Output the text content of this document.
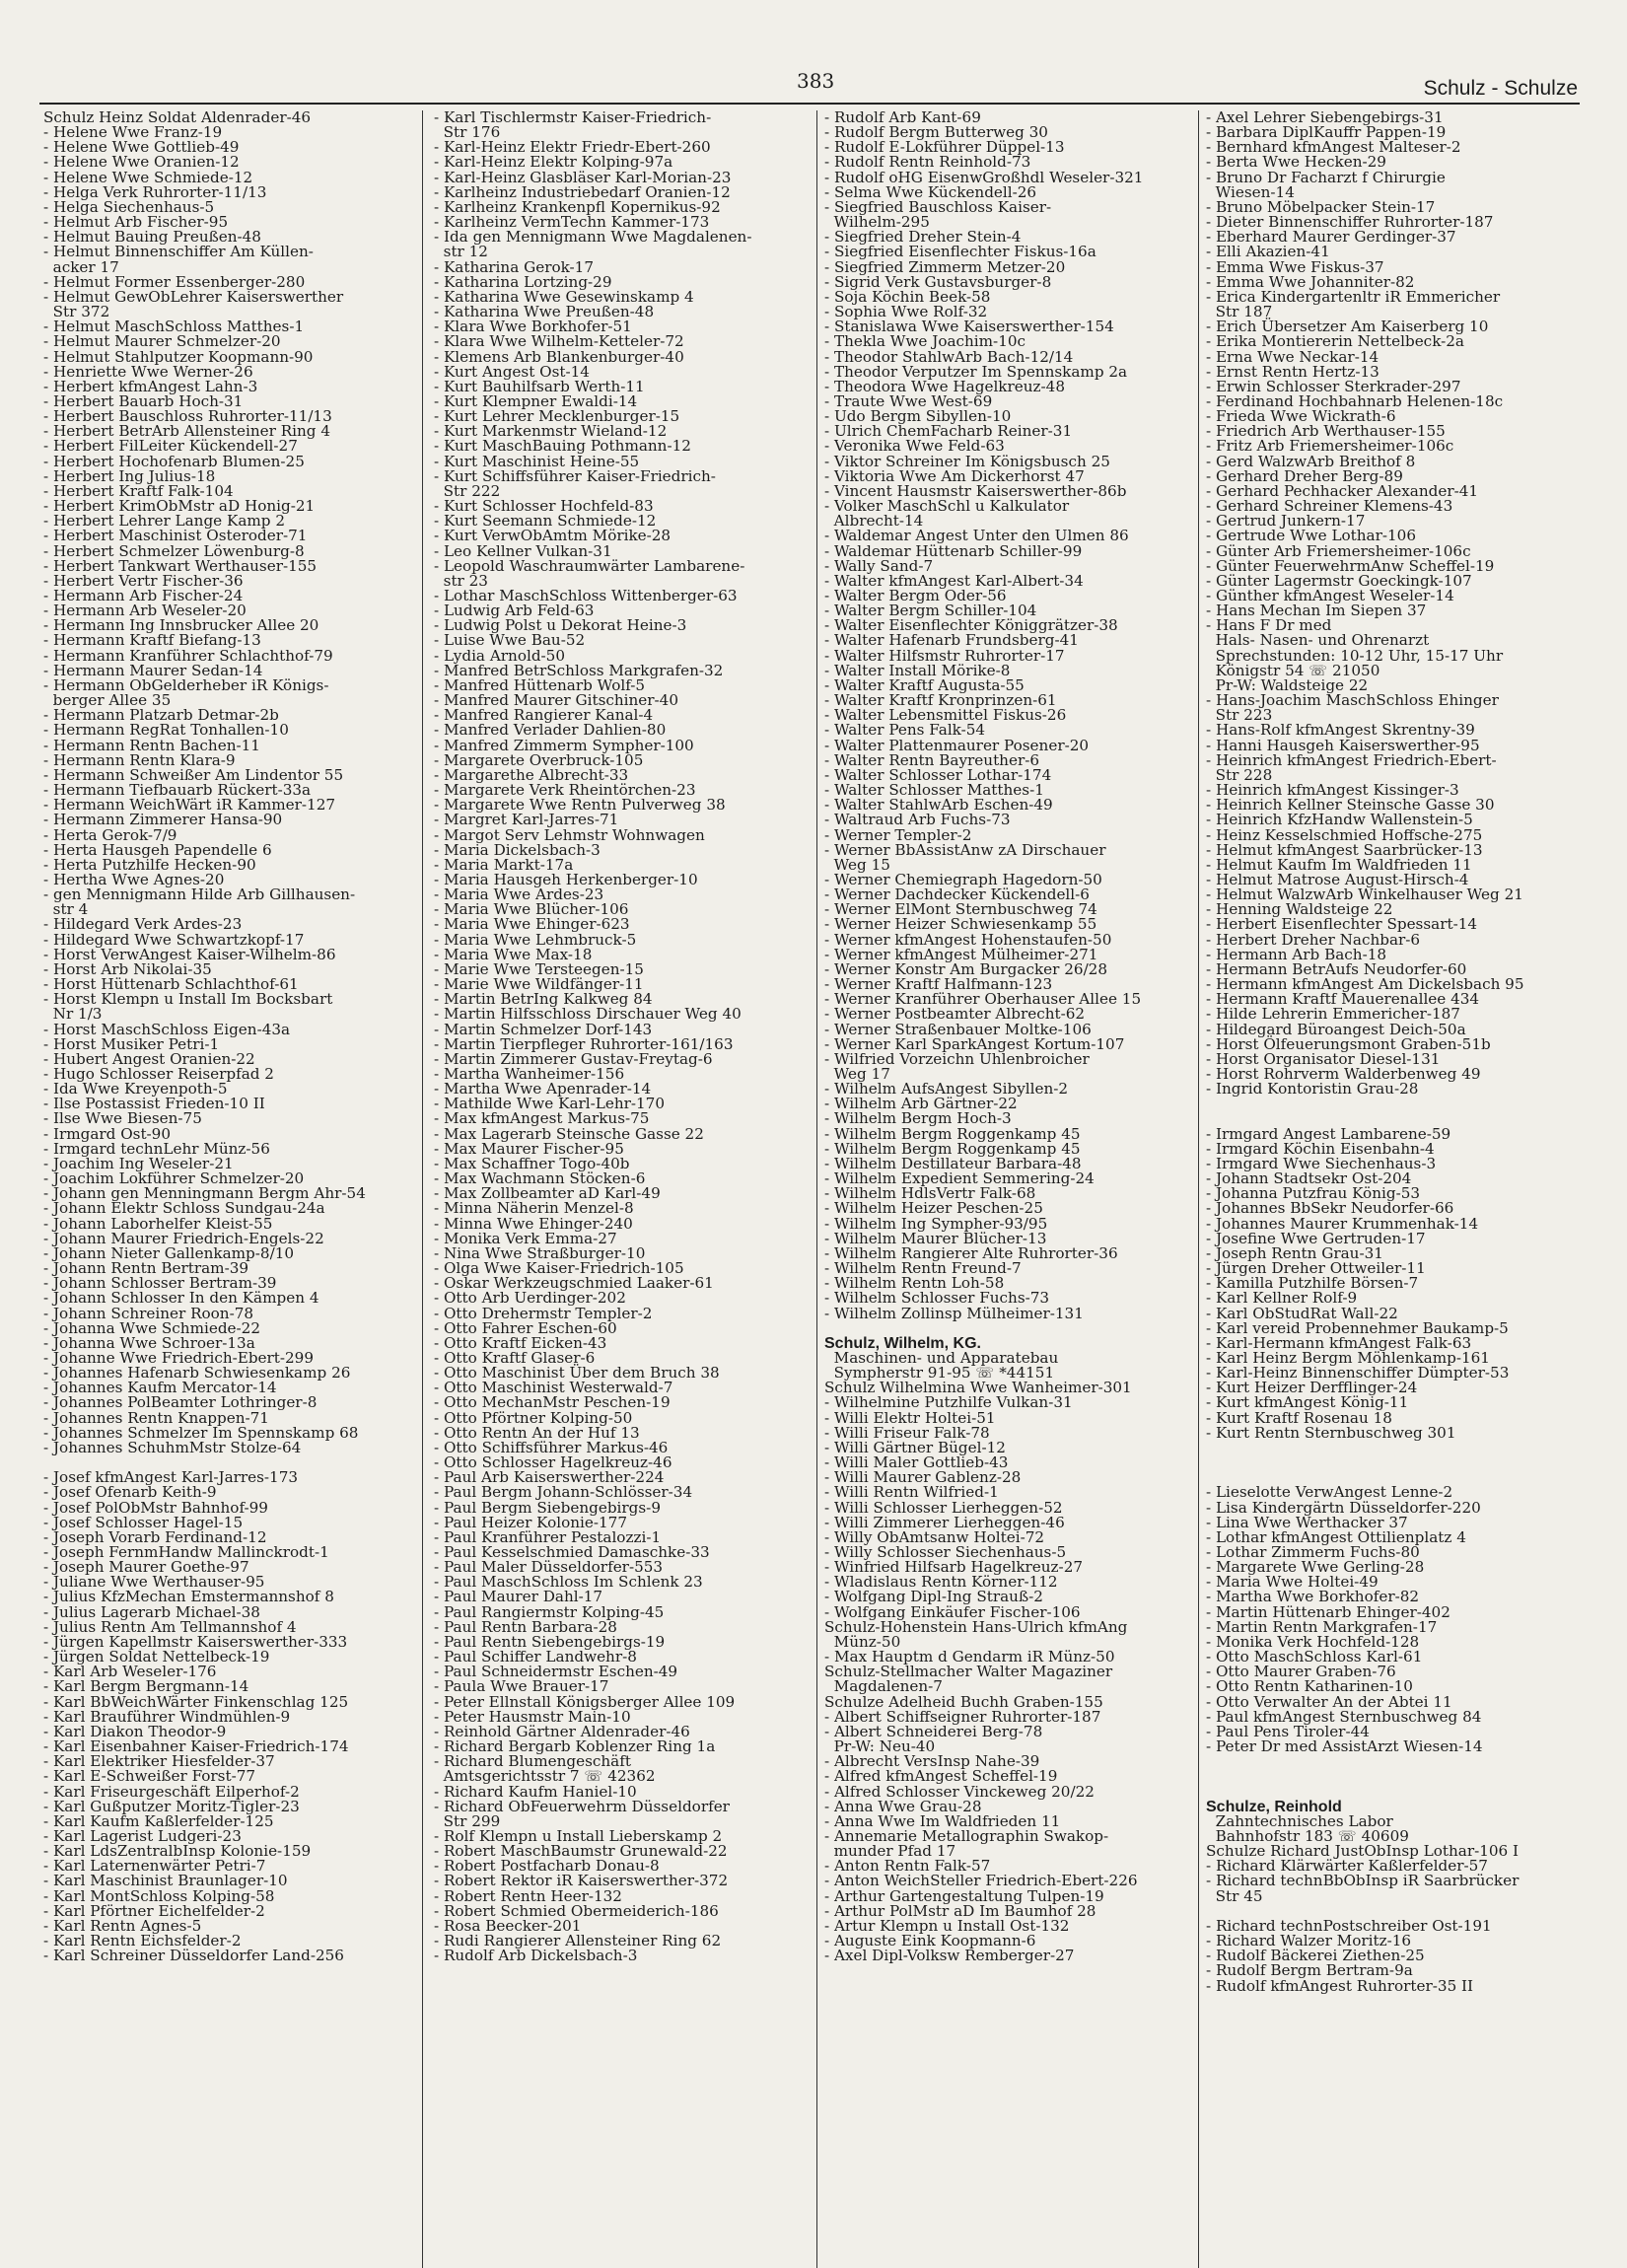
383	Schulz - Schulze
Schulz Heinz Soldat Aldenrader-46
- Helene Wwe Franz-19
- Helene Wwe Gottlieb-49
- Helene Wwe Oranien-12
- Helene Wwe Schmiede-12
- Helga Verk Ruhrorter-11/13
- Helga Siechenhaus-5
- Helmut Arb Fischer-95
- Helmut Bauing Preußen-48
- Helmut Binnenschiffer Am Küllen-
acker 17
- Helmut Former Essenberger-280
- Helmut GewObLehrer Kaiserswerther
Str 372
- Helmut MaschSchloss Matthes-1
- Helmut Maurer Schmelzer-20
- Helmut Stahlputzer Koopmann-90
- Henriette Wwe Werner-26
- Herbert kfmAngest Lahn-3
- Herbert Bauarb Hoch-31
- Herbert Bauschloss Ruhrorter-11/13
- Herbert BetrArb Allensteiner Ring 4
- Herbert FilLeiter Kückendell-27
- Herbert Hochofenarb Blumen-25
- Herbert Ing Julius-18
- Herbert Kraftf Falk-104
- Herbert KrimObMstr aD Honig-21
- Herbert Lehrer Lange Kamp 2
- Herbert Maschinist Osteroder-71
- Herbert Schmelzer Löwenburg-8
- Herbert Tankwart Werthauser-155
- Herbert Vertr Fischer-36
- Hermann Arb Fischer-24
- Hermann Arb Weseler-20
- Hermann Ing Innsbrucker Allee 20
- Hermann Kraftf Biefang-13
- Hermann Kranführer Schlachthof-79
- Hermann Maurer Sedan-14
- Hermann ObGelderheber iR Königs-
berger Allee 35
- Hermann Platzarb Detmar-2b
- Hermann RegRat Tonhallen-10
- Hermann Rentn Bachen-11
- Hermann Rentn Klara-9
- Hermann Schweißer Am Lindentor 55
- Hermann Tiefbauarb Rückert-33a
- Hermann WeichWärt iR Kammer-127
- Hermann Zimmerer Hansa-90
- Herta Gerok-7/9
- Herta Hausgeh Papendelle 6
- Herta Putzhilfe Hecken-90
- Hertha Wwe Agnes-20
- gen Mennigmann Hilde Arb Gillhausen-
str 4
- Hildegard Verk Ardes-23
- Hildegard Wwe Schwartzkopf-17
- Horst VerwAngest Kaiser-Wilhelm-86
- Horst Arb Nikolai-35
- Horst Hüttenarb Schlachthof-61
- Horst Klempn u Install Im Bocksbart
Nr 1/3
- Horst MaschSchloss Eigen-43a
- Horst Musiker Petri-1
- Hubert Angest Oranien-22
- Hugo Schlosser Reiserpfad 2
- Ida Wwe Kreyenpoth-5
- Ilse Postassist Frieden-10 II
- Ilse Wwe Biesen-75
- Irmgard Ost-90
- Irmgard technLehr Münz-56
- Joachim Ing Weseler-21
- Joachim Lokführer Schmelzer-20
- Johann gen Menningmann Bergm Ahr-54
- Johann Elektr Schloss Sundgau-24a
- Johann Laborhelfer Kleist-55
- Johann Maurer Friedrich-Engels-22
- Johann Nieter Gallenkamp-8/10
- Johann Rentn Bertram-39
- Johann Schlosser Bertram-39
- Johann Schlosser In den Kämpen 4
- Johann Schreiner Roon-78
- Johanna Wwe Schmiede-22
- Johanna Wwe Schroer-13a
- Johanne Wwe Friedrich-Ebert-299
- Johannes Hafenarb Schwiesenkamp 26
- Johannes Kaufm Mercator-14
- Johannes PolBeamter Lothringer-8
- Johannes Rentn Knappen-71
- Johannes Schmelzer Im Spennskamp 68
- Johannes SchuhmMstr Stolze-64

- Josef kfmAngest Karl-Jarres-173
- Josef Ofenarb Keith-9
- Josef PolObMstr Bahnhof-99
- Josef Schlosser Hagel-15
- Joseph Vorarb Ferdinand-12
- Joseph FernmHandw Mallinckrodt-1
- Joseph Maurer Goethe-97
- Juliane Wwe Werthauser-95
- Julius KfzMechan Emstermannshof 8
- Julius Lagerarb Michael-38
- Julius Rentn Am Tellmannshof 4
- Jürgen Kapellmstr Kaiserswerther-333
- Jürgen Soldat Nettelbeck-19
- Karl Arb Weseler-176
- Karl Bergm Bergmann-14
- Karl BbWeichWärter Finkenschlag 125
- Karl Brauführer Windmühlen-9
- Karl Diakon Theodor-9
- Karl Eisenbahner Kaiser-Friedrich-174
- Karl Elektriker Hiesfelder-37
- Karl E-Schweißer Forst-77
- Karl Friseurgeschäft Eilperhof-2
- Karl Gußputzer Moritz-Tigler-23
- Karl Kaufm Kaßlerfelder-125
- Karl Lagerist Ludgeri-23
- Karl LdsZentralbInsp Kolonie-159
- Karl Laternenwärter Petri-7
- Karl Maschinist Braunlager-10
- Karl MontSchloss Kolping-58
- Karl Pförtner Eichelfelder-2
- Karl Rentn Agnes-5
- Karl Rentn Eichsfelder-2
- Karl Schreiner Düsseldorfer Land-256
- Karl Tischlermstr Kaiser-Friedrich-
Str 176
- Karl-Heinz Elektr Friedr-Ebert-260
- Karl-Heinz Elektr Kolping-97a
- Karl-Heinz Glasbläser Karl-Morian-23
- Karlheinz Industriebedarf Oranien-12
- Karlheinz Krankenpfl Kopernikus-92
- Karlheinz VermTechn Kammer-173
- Ida gen Mennigmann Wwe Magdalenen-
str 12
- Katharina Gerok-17
- Katharina Lortzing-29
- Katharina Wwe Gesewinskamp 4
- Katharina Wwe Preußen-48
- Klara Wwe Borkhofer-51
- Klara Wwe Wilhelm-Ketteler-72
- Klemens Arb Blankenburger-40
- Kurt Angest Ost-14
- Kurt Bauhilfsarb Werth-11
- Kurt Klempner Ewaldi-14
- Kurt Lehrer Mecklenburger-15
- Kurt Markenmstr Wieland-12
- Kurt MaschBauing Pothmann-12
- Kurt Maschinist Heine-55
- Kurt Schiffsführer Kaiser-Friedrich-
Str 222
- Kurt Schlosser Hochfeld-83
- Kurt Seemann Schmiede-12
- Kurt VerwObAmtm Mörike-28
- Leo Kellner Vulkan-31
- Leopold Waschraumwärter Lambarene-
str 23
- Lothar MaschSchloss Wittenberger-63
- Ludwig Arb Feld-63
- Ludwig Polst u Dekorat Heine-3
- Luise Wwe Bau-52
- Lydia Arnold-50
- Manfred BetrSchloss Markgrafen-32
- Manfred Hüttenarb Wolf-5
- Manfred Maurer Gitschiner-40
- Manfred Rangierer Kanal-4
- Manfred Verlader Dahlien-80
- Manfred Zimmerm Sympher-100
- Margarete Overbruck-105
- Margarethe Albrecht-33
- Margarete Verk Rheintörchen-23
- Margarete Wwe Rentn Pulverweg 38
- Margret Karl-Jarres-71
- Margot Serv Lehmstr Wohnwagen
- Maria Dickelsbach-3
- Maria Markt-17a
- Maria Hausgeh Herkenberger-10
- Maria Wwe Ardes-23
- Maria Wwe Blücher-106
- Maria Wwe Ehinger-623
- Maria Wwe Lehmbruck-5
- Maria Wwe Max-18
- Marie Wwe Tersteegen-15
- Marie Wwe Wildfänger-11
- Martin BetrIng Kalkweg 84
- Martin Hilfsschloss Dirschauer Weg 40
- Martin Schmelzer Dorf-143
- Martin Tierpfleger Ruhrorter-161/163
- Martin Zimmerer Gustav-Freytag-6
- Martha Wanheimer-156
- Martha Wwe Apenrader-14
- Mathilde Wwe Karl-Lehr-170
- Max kfmAngest Markus-75
- Max Lagerarb Steinsche Gasse 22
- Max Maurer Fischer-95
- Max Schaffner Togo-40b
- Max Wachmann Stöcken-6
- Max Zollbeamter aD Karl-49
- Minna Näherin Menzel-8
- Minna Wwe Ehinger-240
- Monika Verk Emma-27
- Nina Wwe Straßburger-10
- Olga Wwe Kaiser-Friedrich-105
- Oskar Werkzeugschmied Laaker-61
- Otto Arb Uerdinger-202
- Otto Drehermstr Templer-2
- Otto Fahrer Eschen-60
- Otto Kraftf Eicken-43
- Otto Kraftf Glaser-6
- Otto Maschinist Über dem Bruch 38
- Otto Maschinist Westerwald-7
- Otto MechanMstr Peschen-19
- Otto Pförtner Kolping-50
- Otto Rentn An der Huf 13
- Otto Schiffsführer Markus-46
- Otto Schlosser Hagelkreuz-46
- Paul Arb Kaiserswerther-224
- Paul Bergm Johann-Schlösser-34
- Paul Bergm Siebengebirgs-9
- Paul Heizer Kolonie-177
- Paul Kranführer Pestalozzi-1
- Paul Kesselschmied Damaschke-33
- Paul Maler Düsseldorfer-553
- Paul MaschSchloss Im Schlenk 23
- Paul Maurer Dahl-17
- Paul Rangiermstr Kolping-45
- Paul Rentn Barbara-28
- Paul Rentn Siebengebirgs-19
- Paul Schiffer Landwehr-8
- Paul Schneidermstr Eschen-49
- Paula Wwe Brauer-17
- Peter Ellnstall Königsberger Allee 109
- Peter Hausmstr Main-10
- Reinhold Gärtner Aldenrader-46
- Richard Bergarb Koblenzer Ring 1a
- Richard Blumengeschäft
Amtsgerichtsstr 7 ☏ 42362
- Richard Kaufm Haniel-10
- Richard ObFeuerwehrm Düsseldorfer
Str 299
- Rolf Klempn u Install Lieberskamp 2
- Robert MaschBaumstr Grunewald-22
- Robert Postfacharb Donau-8
- Robert Rektor iR Kaiserswerther-372
- Robert Rentn Heer-132
- Robert Schmied Obermeiderich-186
- Rosa Beecker-201
- Rudi Rangierer Allensteiner Ring 62
- Rudolf Arb Dickelsbach-3
- Rudolf Arb Kant-69
- Rudolf Bergm Butterweg 30
- Rudolf E-Lokführer Düppel-13
- Rudolf Rentn Reinhold-73
- Rudolf oHG EisenwGroßhdl Weseler-321
- Selma Wwe Kückendell-26
- Siegfried Bauschloss Kaiser-
Wilhelm-295
- Siegfried Dreher Stein-4
- Siegfried Eisenflechter Fiskus-16a
- Siegfried Zimmerm Metzer-20
- Sigrid Verk Gustavsburger-8
- Soja Köchin Beek-58
- Sophia Wwe Rolf-32
- Stanislawa Wwe Kaiserswerther-154
- Thekla Wwe Joachim-10c
- Theodor StahlwArb Bach-12/14
- Theodor Verputzer Im Spennskamp 2a
- Theodora Wwe Hagelkreuz-48
- Traute Wwe West-69
- Udo Bergm Sibyllen-10
- Ulrich ChemFacharb Reiner-31
- Veronika Wwe Feld-63
- Viktor Schreiner Im Königsbusch 25
- Viktoria Wwe Am Dickerhorst 47
- Vincent Hausmstr Kaiserswerther-86b
- Volker MaschSchl u Kalkulator
Albrecht-14
- Waldemar Angest Unter den Ulmen 86
- Waldemar Hüttenarb Schiller-99
- Wally Sand-7
- Walter kfmAngest Karl-Albert-34
- Walter Bergm Oder-56
- Walter Bergm Schiller-104
- Walter Eisenflechter Königgrätzer-38
- Walter Hafenarb Frundsberg-41
- Walter Hilfsmstr Ruhrorter-17
- Walter Install Mörike-8
- Walter Kraftf Augusta-55
- Walter Kraftf Kronprinzen-61
- Walter Lebensmittel Fiskus-26
- Walter Pens Falk-54
- Walter Plattenmaurer Posener-20
- Walter Rentn Bayreuther-6
- Walter Schlosser Lothar-174
- Walter Schlosser Matthes-1
- Walter StahlwArb Eschen-49
- Waltraud Arb Fuchs-73
- Werner Templer-2
- Werner BbAssistAnw zA Dirschauer
Weg 15
- Werner Chemiegraph Hagedorn-50
- Werner Dachdecker Kückendell-6
- Werner ElMont Sternbuschweg 74
- Werner Heizer Schwiesenkamp 55
- Werner kfmAngest Hohenstaufen-50
- Werner kfmAngest Mülheimer-271
- Werner Konstr Am Burgacker 26/28
- Werner Kraftf Halfmann-123
- Werner Kranführer Oberhauser Allee 15
- Werner Postbeamter Albrecht-62
- Werner Straßenbauer Moltke-106
- Werner Karl SparkAngest Kortum-107
- Wilfried Vorzeichn Uhlenbroicher
Weg 17
- Wilhelm AufsAngest Sibyllen-2
- Wilhelm Arb Gärtner-22
- Wilhelm Bergm Hoch-3
- Wilhelm Bergm Roggenkamp 45
- Wilhelm Bergm Roggenkamp 45
- Wilhelm Destillateur Barbara-48
- Wilhelm Expedient Semmering-24
- Wilhelm HdlsVertr Falk-68
- Wilhelm Heizer Peschen-25
- Wilhelm Ing Sympher-93/95
- Wilhelm Maurer Blücher-13
- Wilhelm Rangierer Alte Ruhrorter-36
- Wilhelm Rentn Freund-7
- Wilhelm Rentn Loh-58
- Wilhelm Schlosser Fuchs-73
- Wilhelm Zollinsp Mülheimer-131

Schulz, Wilhelm, KG.
Maschinen- und Apparatebau
Sympherstr 91-95 ☏ *44151
Schulz Wilhelmina Wwe Wanheimer-301
- Wilhelmine Putzhilfe Vulkan-31
- Willi Elektr Holtei-51
- Willi Friseur Falk-78
- Willi Gärtner Bügel-12
- Willi Maler Gottlieb-43
- Willi Maurer Gablenz-28
- Willi Rentn Wilfried-1
- Willi Schlosser Lierheggen-52
- Willi Zimmerer Lierheggen-46
- Willy ObAmtsanw Holtei-72
- Willy Schlosser Siechenhaus-5
- Winfried Hilfsarb Hagelkreuz-27
- Wladislaus Rentn Körner-112
- Wolfgang Dipl-Ing Strauß-2
- Wolfgang Einkäufer Fischer-106
Schulz-Hohenstein Hans-Ulrich kfmAng
Münz-50
- Max Hauptm d Gendarm iR Münz-50
Schulz-Stellmacher Walter Magaziner
Magdalenen-7
Schulze Adelheid Buchh Graben-155
- Albert Schiffseigner Ruhrorter-187
- Albert Schneiderei Berg-78
Pr-W: Neu-40
- Albrecht VersInsp Nahe-39
- Alfred kfmAngest Scheffel-19
- Alfred Schlosser Vinckeweg 20/22
- Anna Wwe Grau-28
- Anna Wwe Im Waldfrieden 11
- Annemarie Metallographin Swakop-
munder Pfad 17
- Anton Rentn Falk-57
- Anton WeichSteller Friedrich-Ebert-226
- Arthur Gartengestaltung Tulpen-19
- Arthur PolMstr aD Im Baumhof 28
- Artur Klempn u Install Ost-132
- Auguste Eink Koopmann-6
- Axel Dipl-Volksw Remberger-27
- Axel Lehrer Siebengebirgs-31
- Barbara DiplKauffr Pappen-19
- Bernhard kfmAngest Malteser-2
- Berta Wwe Hecken-29
- Bruno Dr Facharzt f Chirurgie
Wiesen-14
- Bruno Möbelpacker Stein-17
- Dieter Binnenschiffer Ruhrorter-187
- Eberhard Maurer Gerdinger-37
- Elli Akazien-41
- Emma Wwe Fiskus-37
- Emma Wwe Johanniter-82
- Erica Kindergartenltr iR Emmericher
Str 187
- Erich Übersetzer Am Kaiserberg 10
- Erika Montiererin Nettelbeck-2a
- Erna Wwe Neckar-14
- Ernst Rentn Hertz-13
- Erwin Schlosser Sterkrader-297
- Ferdinand Hochbahnarb Helenen-18c
- Frieda Wwe Wickrath-6
- Friedrich Arb Werthauser-155
- Fritz Arb Friemersheimer-106c
- Gerd WalzwArb Breithof 8
- Gerhard Dreher Berg-89
- Gerhard Pechhacker Alexander-41
- Gerhard Schreiner Klemens-43
- Gertrud Junkern-17
- Gertrude Wwe Lothar-106
- Günter Arb Friemersheimer-106c
- Günter FeuerwehrmAnw Scheffel-19
- Günter Lagermstr Goeckingk-107
- Günther kfmAngest Weseler-14
- Hans Mechan Im Siepen 37
- Hans F Dr med
Hals- Nasen- und Ohrenarzt
Sprechstunden: 10-12 Uhr, 15-17 Uhr
Königstr 54 ☏ 21050
Pr-W: Waldsteige 22
- Hans-Joachim MaschSchloss Ehinger
Str 223
- Hans-Rolf kfmAngest Skrentny-39
- Hanni Hausgeh Kaiserswerther-95
- Heinrich kfmAngest Friedrich-Ebert-
Str 228
- Heinrich kfmAngest Kissinger-3
- Heinrich Kellner Steinsche Gasse 30
- Heinrich KfzHandw Wallenstein-5
- Heinz Kesselschmied Hoffsche-275
- Helmut kfmAngest Saarbrücker-13
- Helmut Kaufm Im Waldfrieden 11
- Helmut Matrose August-Hirsch-4
- Helmut WalzwArb Winkelhauser Weg 21
- Henning Waldsteige 22
- Herbert Eisenflechter Spessart-14
- Herbert Dreher Nachbar-6
- Hermann Arb Bach-18
- Hermann BetrAufs Neudorfer-60
- Hermann kfmAngest Am Dickelsbach 95
- Hermann Kraftf Mauerenallee 434
- Hilde Lehrerin Emmericher-187
- Hildegard Büroangest Deich-50a
- Horst Ölfeuerungsmont Graben-51b
- Horst Organisator Diesel-131
- Horst Rohrverm Walderbenweg 49
- Ingrid Kontoristin Grau-28

- Irmgard Angest Lambarene-59
- Irmgard Köchin Eisenbahn-4
- Irmgard Wwe Siechenhaus-3
- Johann Stadtsekr Ost-204
- Johanna Putzfrau König-53
- Johannes BbSekr Neudorfer-66
- Johannes Maurer Krummenhak-14
- Josefine Wwe Gertruden-17
- Joseph Rentn Grau-31
- Jürgen Dreher Ottweiler-11
- Kamilla Putzhilfe Börsen-7
- Karl Kellner Rolf-9
- Karl ObStudRat Wall-22
- Karl vereid Probennehmer Baukamp-5
- Karl-Hermann kfmAngest Falk-63
- Karl Heinz Bergm Möhlenkamp-161
- Karl-Heinz Binnenschiffer Dümpter-53
- Kurt Heizer Derfflinger-24
- Kurt kfmAngest König-11
- Kurt Kraftf Rosenau 18
- Kurt Rentn Sternbuschweg 301

- Lieselotte VerwAngest Lenne-2
- Lisa Kindergärtn Düsseldorfer-220
- Lina Wwe Werthacker 37
- Lothar kfmAngest Ottilienplatz 4
- Lothar Zimmerm Fuchs-80
- Margarete Wwe Gerling-28
- Maria Wwe Holtei-49
- Martha Wwe Borkhofer-82
- Martin Hüttenarb Ehinger-402
- Martin Rentn Markgrafen-17
- Monika Verk Hochfeld-128
- Otto MaschSchloss Karl-61
- Otto Maurer Graben-76
- Otto Rentn Katharinen-10
- Otto Verwalter An der Abtei 11
- Paul kfmAngest Sternbuschweg 84
- Paul Pens Tiroler-44
- Peter Dr med AssistArzt Wiesen-14

Schulze, Reinhold
Zahntechnisches Labor
Bahnhofstr 183 ☏ 40609
Schulze Richard JustObInsp Lothar-106 I
- Richard Klärwärter Kaßlerfelder-57
- Richard technBbObInsp iR Saarbrücker
Str 45

- Richard technPostschreiber Ost-191
- Richard Walzer Moritz-16
- Rudolf Bäckerei Ziethen-25
- Rudolf Bergm Bertram-9a
- Rudolf kfmAngest Ruhrorter-35 II
